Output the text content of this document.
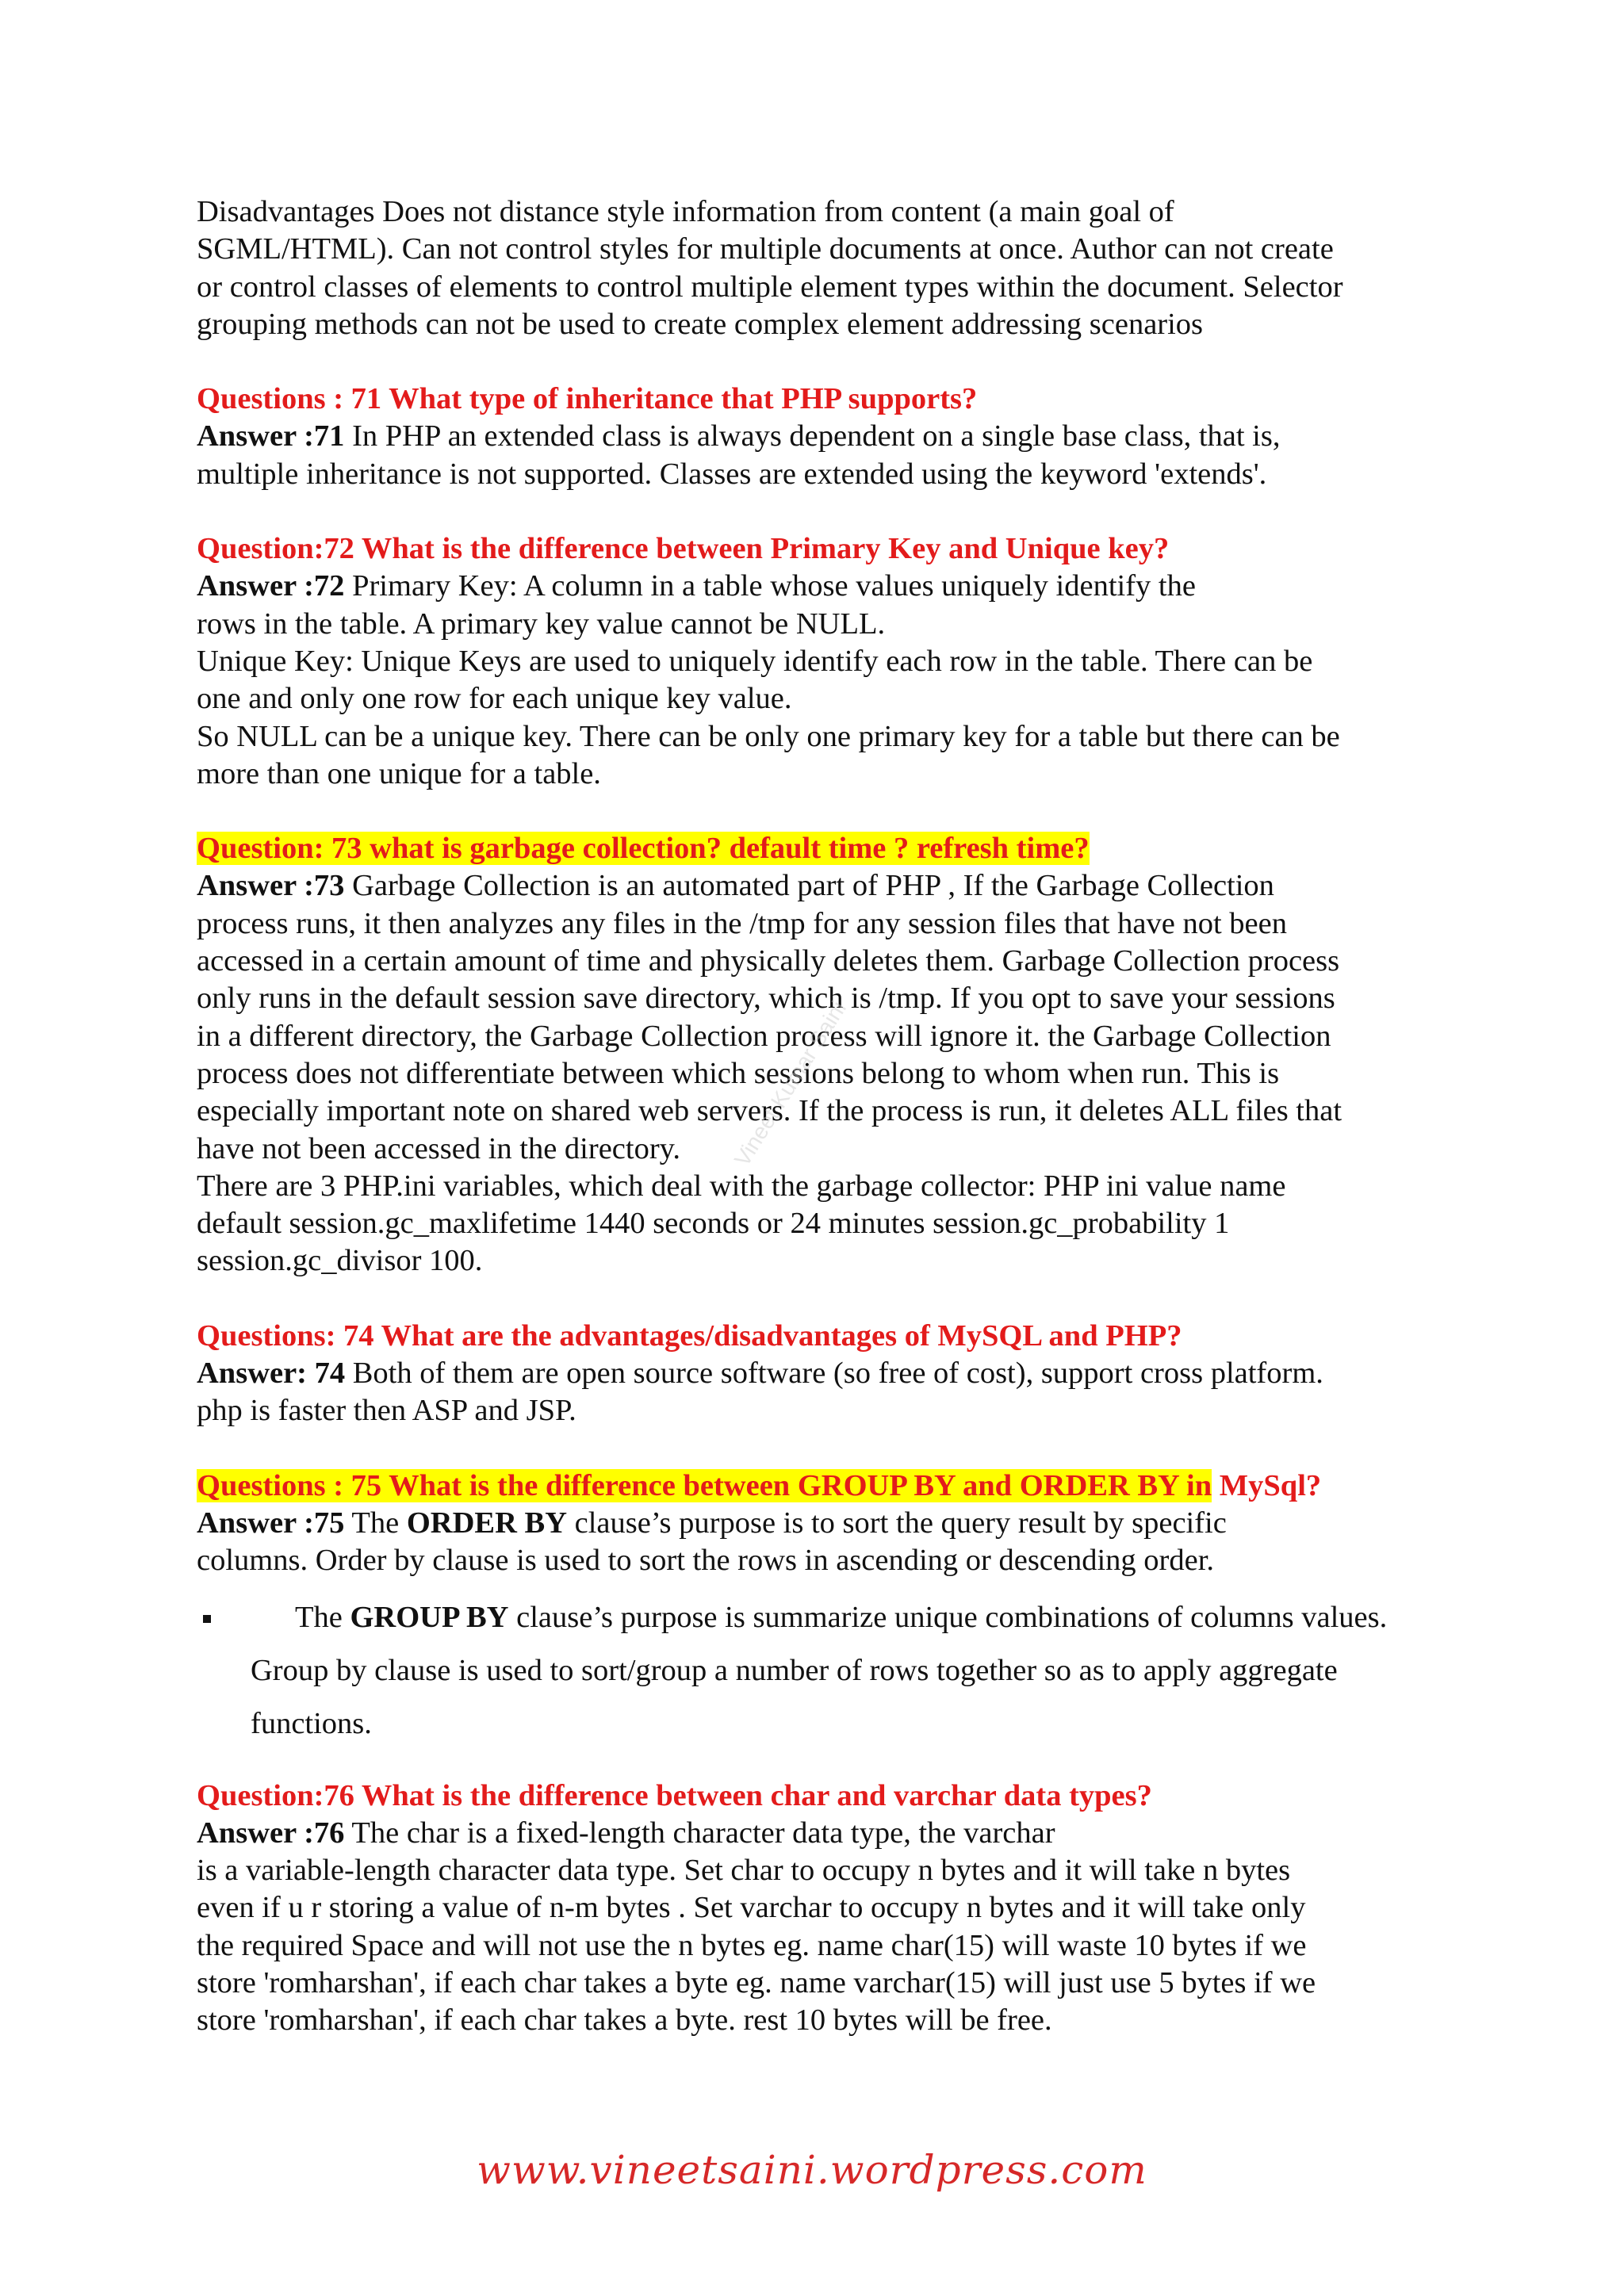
Disadvantages Does not distance style information from content (a main goal of

SGML/HTML). Can not control styles for multiple documents at once. Author can not create

or control classes of elements to control multiple element types within the document. Selector

grouping methods can not be used to create complex element addressing scenarios

Questions : 71 What type of inheritance that PHP supports?

Answer :71 In PHP an extended class is always dependent on a single base class, that is,

multiple inheritance is not supported. Classes are extended using the keyword 'extends'.

Question:72 What is the difference between Primary Key and Unique key?

Answer :72 Primary Key: A column in a table whose values uniquely identify the

rows in the table. A primary key value cannot be NULL.

Unique Key: Unique Keys are used to uniquely identify each row in the table. There can be

one and only one row for each unique key value.

So NULL can be a unique key. There can be only one primary key for a table but there can be

more than one unique for a table.

Question: 73 what is garbage collection? default time ? refresh time?

Answer :73 Garbage Collection is an automated part of PHP , If the Garbage Collection

process runs, it then analyzes any files in the /tmp for any session files that have not been

accessed in a certain amount of time and physically deletes them. Garbage Collection process

only runs in the default session save directory, which is /tmp. If you opt to save your sessions

in a different directory, the Garbage Collection process will ignore it. the Garbage Collection

process does not differentiate between which sessions belong to whom when run. This is

especially important note on shared web servers. If the process is run, it deletes ALL files that

have not been accessed in the directory.

There are 3 PHP.ini variables, which deal with the garbage collector: PHP ini value name

default session.gc_maxlifetime 1440 seconds or 24 minutes session.gc_probability 1

session.gc_divisor 100.

Questions: 74 What are the advantages/disadvantages of MySQL and PHP?

Answer: 74 Both of them are open source software (so free of cost), support cross platform.

php is faster then ASP and JSP.

Questions : 75 What is the difference between GROUP BY and ORDER BY in MySql?

Answer :75 The ORDER BY clause’s purpose is to sort the query result by specific

columns. Order by clause is used to sort the rows in ascending or descending order.

The GROUP BY clause’s purpose is summarize unique combinations of columns values. Group by clause is used to sort/group a number of rows together so as to apply aggregate functions.

Question:76 What is the difference between char and varchar data types?

Answer :76 The char is a fixed-length character data type, the varchar

is a variable-length character data type. Set char to occupy n bytes and it will take n bytes

even if u r storing a value of n-m bytes . Set varchar to occupy n bytes and it will take only

the required Space and will not use the n bytes eg. name char(15) will waste 10 bytes if we

store 'romharshan', if each char takes a byte eg. name varchar(15) will just use 5 bytes if we

store 'romharshan', if each char takes a byte. rest 10 bytes will be free.

Vineet Kumar Saini
www.vineetsaini.wordpress.com
